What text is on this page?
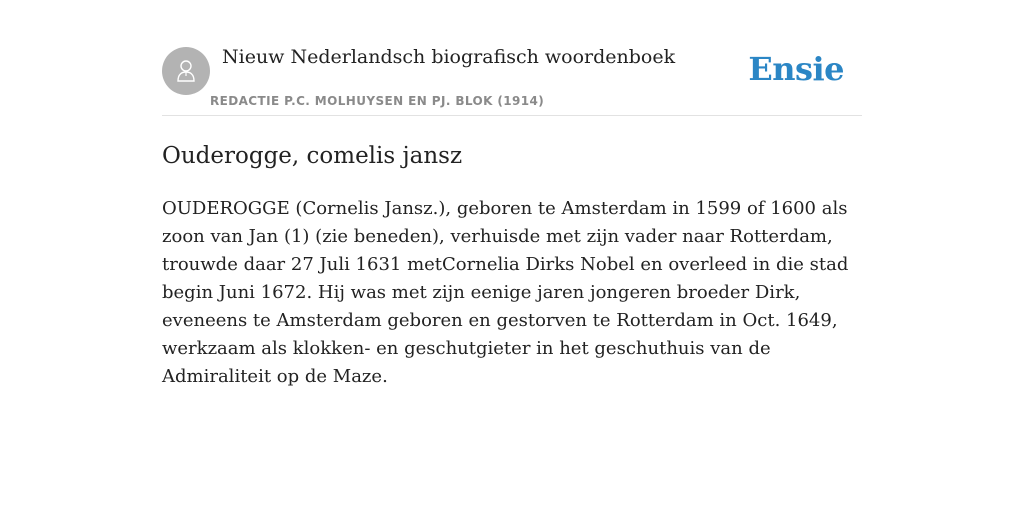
Nieuw Nederlandsch biografisch woordenboek
REDACTIE P.C. MOLHUYSEN EN PJ. BLOK (1914)
Ensie
Ouderogge, comelis jansz

OUDEROGGE (Cornelis Jansz.), geboren te Amsterdam in 1599 of 1600 als zoon van Jan (1) (zie beneden), verhuisde met zijn vader naar Rotterdam, trouwde daar 27 Juli 1631 metCornelia Dirks Nobel en overleed in die stad begin Juni 1672. Hij was met zijn eenige jaren jongeren broeder Dirk, eveneens te Amsterdam geboren en gestorven te Rotterdam in Oct. 1649, werkzaam als klokken- en geschutgieter in het geschuthuis van de Admiraliteit op de Maze.
